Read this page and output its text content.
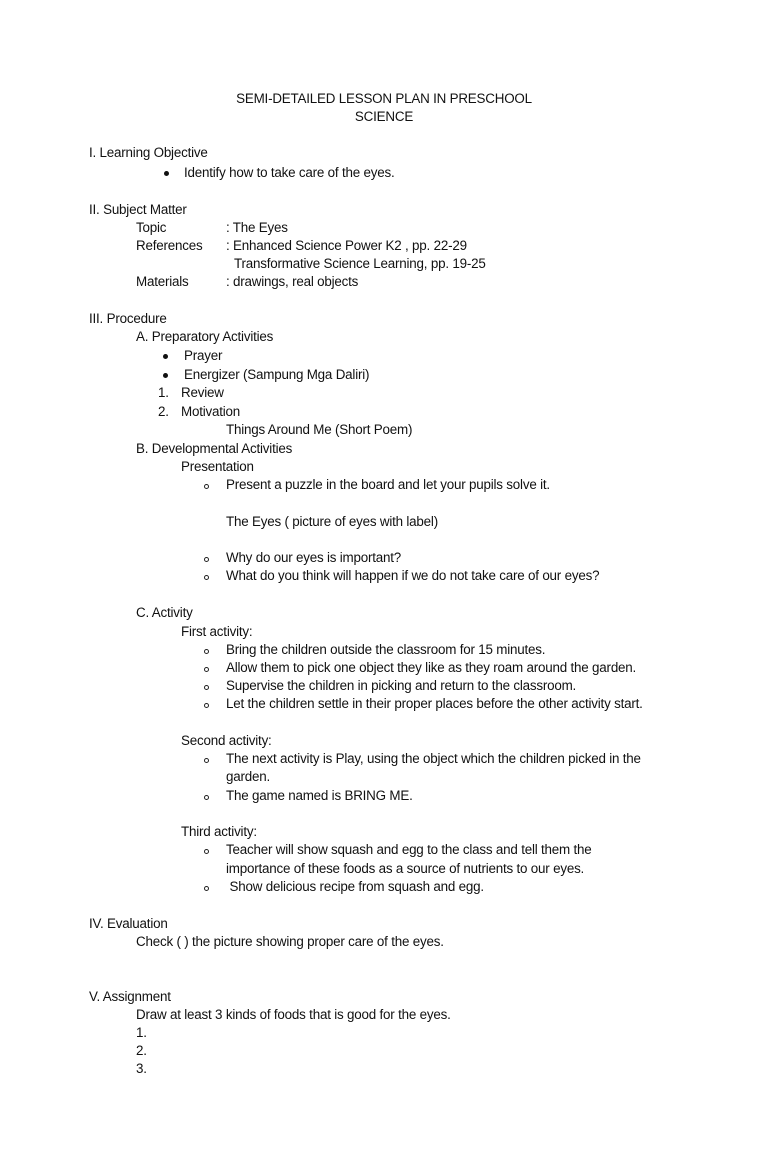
SEMI-DETAILED LESSON PLAN IN PRESCHOOL
SCIENCE
I. Learning Objective
Identify how to take care of the eyes.
II. Subject Matter
Topic	: The Eyes
References : Enhanced Science Power K2 , pp. 22-29
Transformative Science Learning, pp. 19-25
Materials	: drawings, real objects
III. Procedure
A. Preparatory Activities
Prayer
Energizer (Sampung Mga Daliri)
1. Review
2. Motivation
Things Around Me (Short Poem)
B. Developmental Activities
Presentation
Present a puzzle in the board and let your pupils solve it.
The Eyes ( picture of eyes with label)
Why do our eyes is important?
What do you think will happen if we do not take care of our eyes?
C. Activity
First activity:
Bring the children outside the classroom for 15 minutes.
Allow them to pick one object they like as they roam around the garden.
Supervise the children in picking and return to the classroom.
Let the children settle in their proper places before the other activity start.
Second activity:
The next activity is Play, using the object which the children picked in the
garden.
The game named is BRING ME.
Third activity:
Teacher will show squash and egg to the class and tell them the
importance of these foods as a source of nutrients to our eyes.
Show delicious recipe from squash and egg.
IV. Evaluation
Check ( ) the picture showing proper care of the eyes.
V. Assignment
Draw at least 3 kinds of foods that is good for the eyes.
1.
2.
3.
